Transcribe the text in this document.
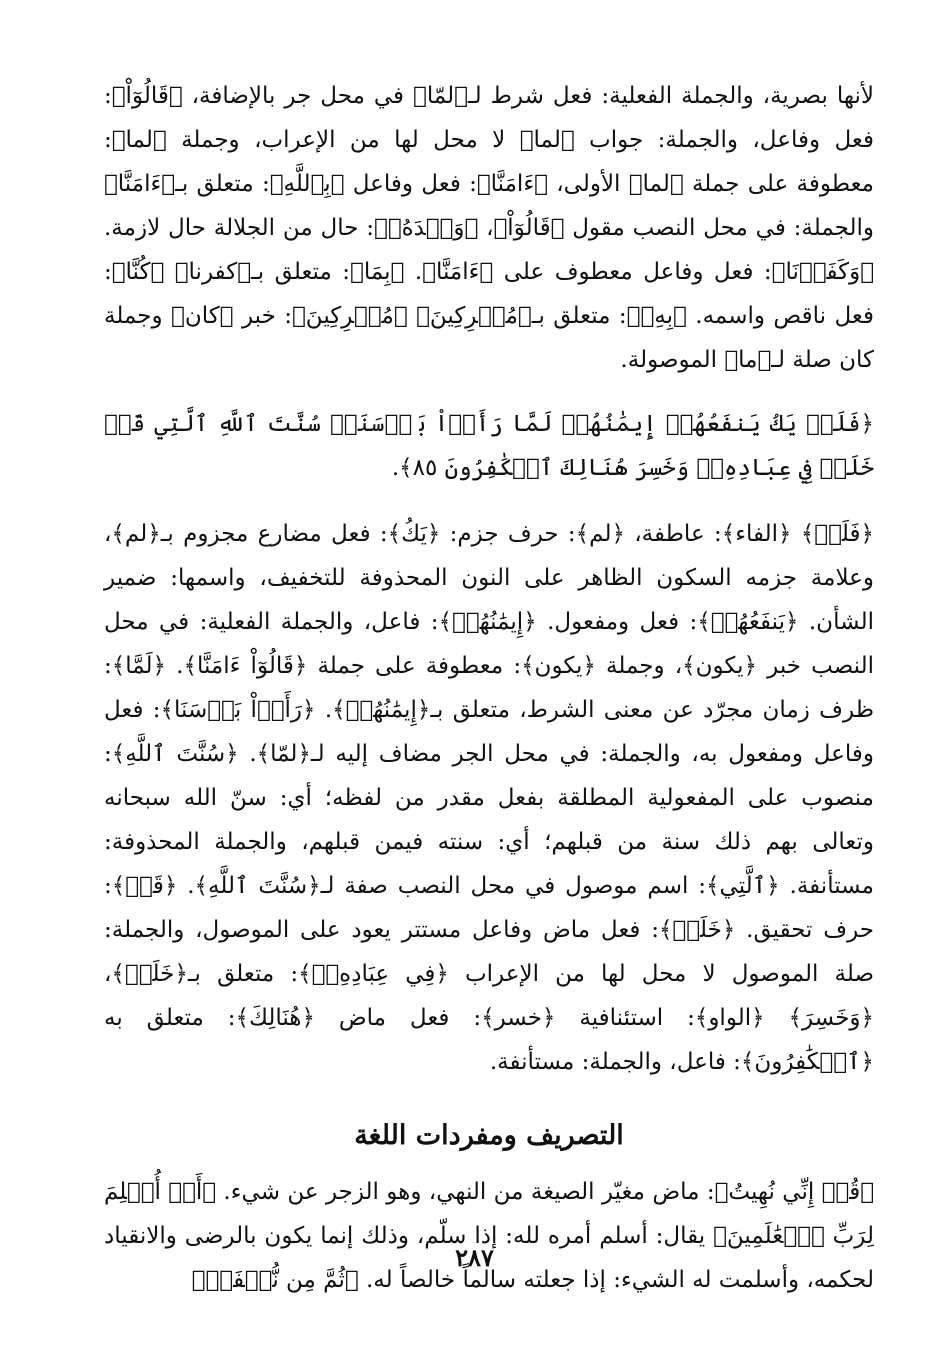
لأنها بصرية، والجملة الفعلية: فعل شرط لـ﴿لمّا﴾ في محل جر بالإضافة، ﴿قَالُوٓاْ﴾: فعل وفاعل، والجملة: جواب ﴿لما﴾ لا محل لها من الإعراب، وجملة ﴿لما﴾: معطوفة على جملة ﴿لما﴾ الأولى، ﴿ءَامَنَّا﴾: فعل وفاعل ﴿بِٱللَّهِ﴾: متعلق بـ﴿ءَامَنَّا﴾ والجملة: في محل النصب مقول ﴿قَالُوٓاْ﴾، ﴿وَحۡدَهُۥ﴾: حال من الجلالة حال لازمة. ﴿وَكَفَرۡنَا﴾: فعل وفاعل معطوف على ﴿ءَامَنَّا﴾. ﴿بِمَا﴾: متعلق بـ﴿كفرنا﴾ ﴿كُنَّا﴾: فعل ناقص واسمه. ﴿بِهِۦ﴾: متعلق بـ﴿مُشۡرِكِينَ﴾ ﴿مُشۡرِكِينَ﴾: خبر ﴿كان﴾ وجملة كان صلة لـ﴿ما﴾ الموصولة.

﴿فَلَمۡ يَكُ يَنفَعُهُمۡ إِيمَٰنُهُمۡ لَمَّا رَأَوۡاْ بَأۡسَنَاۖ سُنَّتَ ٱللَّهِ ٱلَّتِي قَدۡ خَلَتۡ فِي عِبَادِهِۦۖ وَخَسِرَ هُنَالِكَ ٱلۡكَٰفِرُونَ ٨٥﴾.

﴿فَلَمۡ﴾ ﴿الفاء﴾: عاطفة، ﴿لم﴾: حرف جزم: ﴿يَكُ﴾: فعل مضارع مجزوم بـ﴿لم﴾، وعلامة جزمه السكون الظاهر على النون المحذوفة للتخفيف، واسمها: ضمير الشأن. ﴿يَنفَعُهُمۡ﴾: فعل ومفعول. ﴿إِيمَٰنُهُمۡ﴾: فاعل، والجملة الفعلية: في محل النصب خبر ﴿يكون﴾، وجملة ﴿يكون﴾: معطوفة على جملة ﴿قَالُوٓاْ ءَامَنَّا﴾. ﴿لَمَّا﴾: ظرف زمان مجرّد عن معنى الشرط، متعلق بـ﴿إِيمَٰنُهُمۡ﴾. ﴿رَأَوۡاْ بَأۡسَنَا﴾: فعل وفاعل ومفعول به، والجملة: في محل الجر مضاف إليه لـ﴿لمّا﴾. ﴿سُنَّتَ ٱللَّهِ﴾: منصوب على المفعولية المطلقة بفعل مقدر من لفظه؛ أي: سنّ الله سبحانه وتعالى بهم ذلك سنة من قبلهم؛ أي: سنته فيمن قبلهم، والجملة المحذوفة: مستأنفة. ﴿ٱلَّتِي﴾: اسم موصول في محل النصب صفة لـ﴿سُنَّتَ ٱللَّهِ﴾. ﴿قَدۡ﴾: حرف تحقيق. ﴿خَلَتۡ﴾: فعل ماض وفاعل مستتر يعود على الموصول، والجملة: صلة الموصول لا محل لها من الإعراب ﴿فِي عِبَادِهِۦۖ﴾: متعلق بـ﴿خَلَتۡ﴾، ﴿وَخَسِرَ﴾ ﴿الواو﴾: استئنافية ﴿خسر﴾: فعل ماض ﴿هُنَالِكَ﴾: متعلق به ﴿ٱلۡكَٰفِرُونَ﴾: فاعل، والجملة: مستأنفة.

التصريف ومفردات اللغة

﴿قُلۡ إِنِّي نُهِيتُ﴾: ماض مغيّر الصيغة من النهي، وهو الزجر عن شيء. ﴿أَنۡ أُسۡلِمَ لِرَبِّ ٱلۡعَٰلَمِينَ﴾ يقال: أسلم أمره لله: إذا سلّم، وذلك إنما يكون بالرضى والانقياد لحكمه، وأسلمت له الشيء: إذا جعلته سالماً خالصاً له. ﴿ثُمَّ مِن نُّطۡفَةٖ﴾

٢٨٧
